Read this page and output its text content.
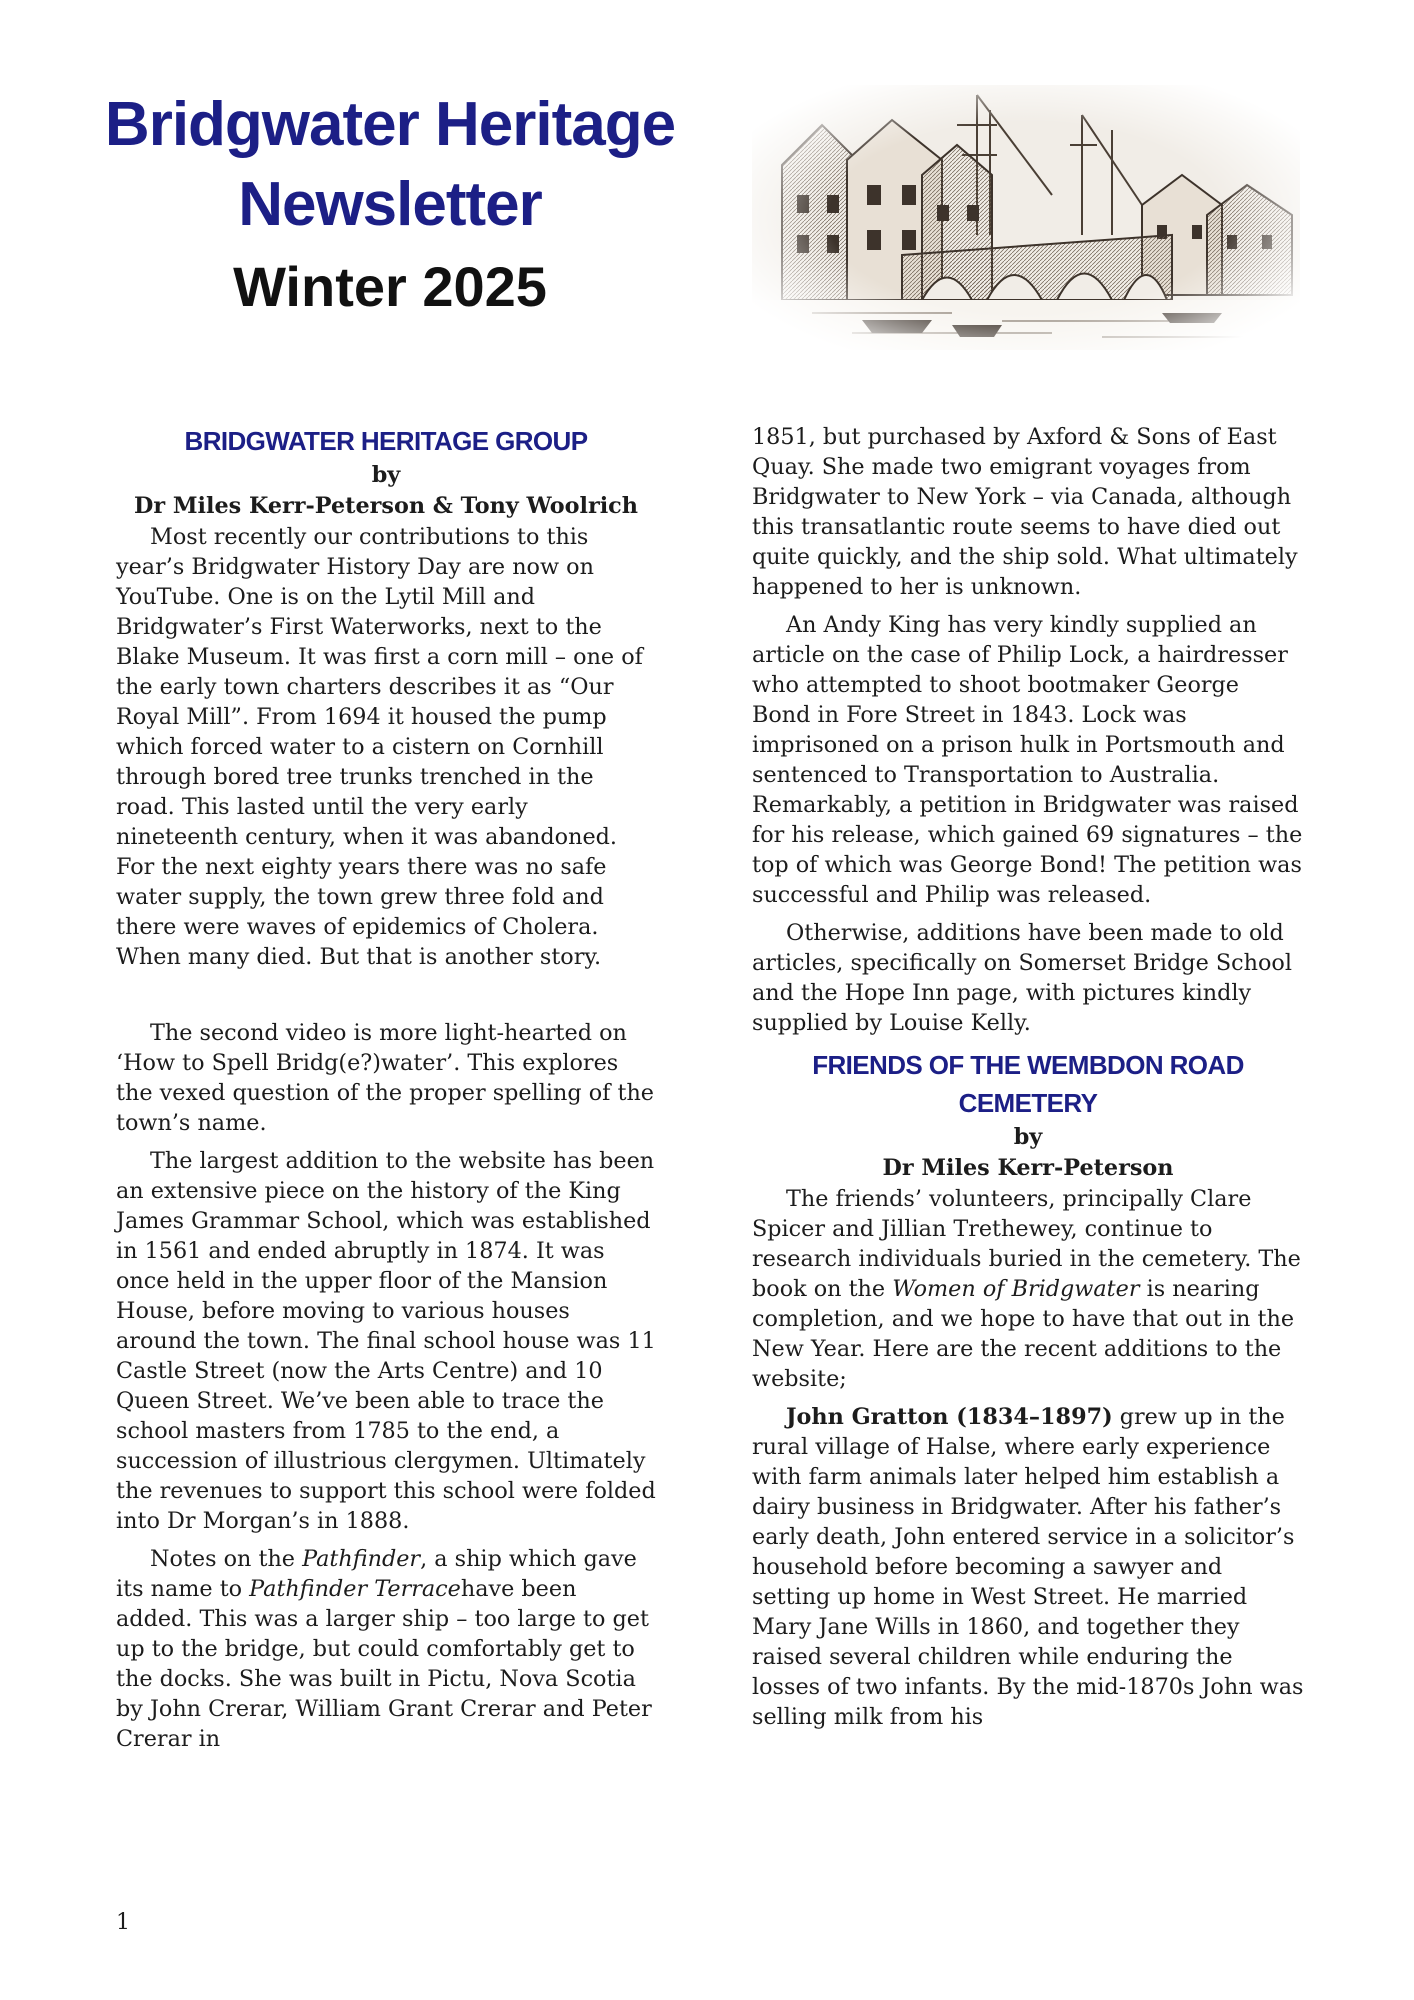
Bridgwater Heritage
Newsletter
Winter 2025
BRIDGWATER HERITAGE GROUP
by
Dr Miles Kerr-Peterson & Tony Woolrich

Most recently our contributions to this year’s Bridgwater History Day are now on YouTube. One is on the Lytil Mill and Bridgwater’s First Waterworks, next to the Blake Museum. It was first a corn mill – one of the early town charters describes it as “Our Royal Mill”. From 1694 it housed the pump which forced water to a cistern on Cornhill through bored tree trunks trenched in the road. This lasted until the very early nineteenth century, when it was abandoned. For the next eighty years there was no safe water supply, the town grew three fold and there were waves of epidemics of Cholera. When many died. But that is another story.

The second video is more light-hearted on ‘How to Spell Bridg(e?)water’. This explores the vexed question of the proper spelling of the town’s name.

The largest addition to the website has been an extensive piece on the history of the King James Grammar School, which was established in 1561 and ended abruptly in 1874. It was once held in the upper floor of the Mansion House, before moving to various houses around the town. The final school house was 11 Castle Street (now the Arts Centre) and 10 Queen Street. We’ve been able to trace the school masters from 1785 to the end, a succession of illustrious clergymen. Ultimately the revenues to support this school were folded into Dr Morgan’s in 1888.

Notes on the Pathfinder, a ship which gave its name to Pathfinder Terracehave been added. This was a larger ship – too large to get up to the bridge, but could comfortably get to the docks. She was built in Pictu, Nova Scotia by John Crerar, William Grant Crerar and Peter Crerar in

1851, but purchased by Axford & Sons of East Quay. She made two emigrant voyages from Bridgwater to New York – via Canada, although this transatlantic route seems to have died out quite quickly, and the ship sold. What ultimately happened to her is unknown.

An Andy King has very kindly supplied an article on the case of Philip Lock, a hairdresser who attempted to shoot bootmaker George Bond in Fore Street in 1843. Lock was imprisoned on a prison hulk in Portsmouth and sentenced to Transportation to Australia. Remarkably, a petition in Bridgwater was raised for his release, which gained 69 signatures – the top of which was George Bond! The petition was successful and Philip was released.

Otherwise, additions have been made to old articles, specifically on Somerset Bridge School and the Hope Inn page, with pictures kindly supplied by Louise Kelly.

FRIENDS OF THE WEMBDON ROAD
CEMETERY
by
Dr Miles Kerr-Peterson

The friends’ volunteers, principally Clare Spicer and Jillian Trethewey, continue to research individuals buried in the cemetery. The book on the Women of Bridgwater is nearing completion, and we hope to have that out in the New Year. Here are the recent additions to the website;

John Gratton (1834–1897) grew up in the rural village of Halse, where early experience with farm animals later helped him establish a dairy business in Bridgwater. After his father’s early death, John entered service in a solicitor’s household before becoming a sawyer and setting up home in West Street. He married Mary Jane Wills in 1860, and together they raised several children while enduring the losses of two infants. By the mid-1870s John was selling milk from his

1
